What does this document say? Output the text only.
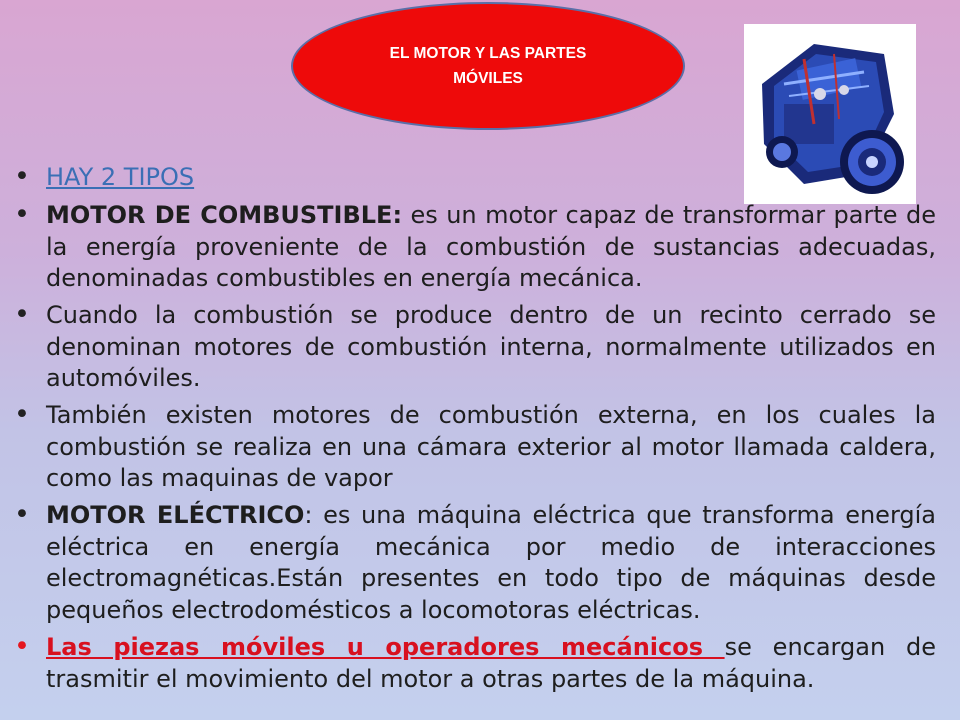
EL MOTOR Y LAS PARTES
MÓVILES
• HAY 2 TIPOS
• MOTOR DE COMBUSTIBLE: es un motor capaz de transformar parte de la energía proveniente de la combustión de sustancias adecuadas, denominadas combustibles en energía mecánica.
• Cuando la combustión se produce dentro de un recinto cerrado se denominan motores de combustión interna, normalmente utilizados en automóviles.
• También existen motores de combustión externa, en los cuales la combustión se realiza en una cámara exterior al motor llamada caldera, como las maquinas de vapor
• MOTOR ELÉCTRICO: es una máquina eléctrica que transforma energía eléctrica en energía mecánica por medio de interacciones electromagnéticas.Están presentes en todo tipo de máquinas desde pequeños electrodomésticos a locomotoras eléctricas.
• Las piezas móviles u operadores mecánicos se encargan de trasmitir el movimiento del motor a otras partes de la máquina.
